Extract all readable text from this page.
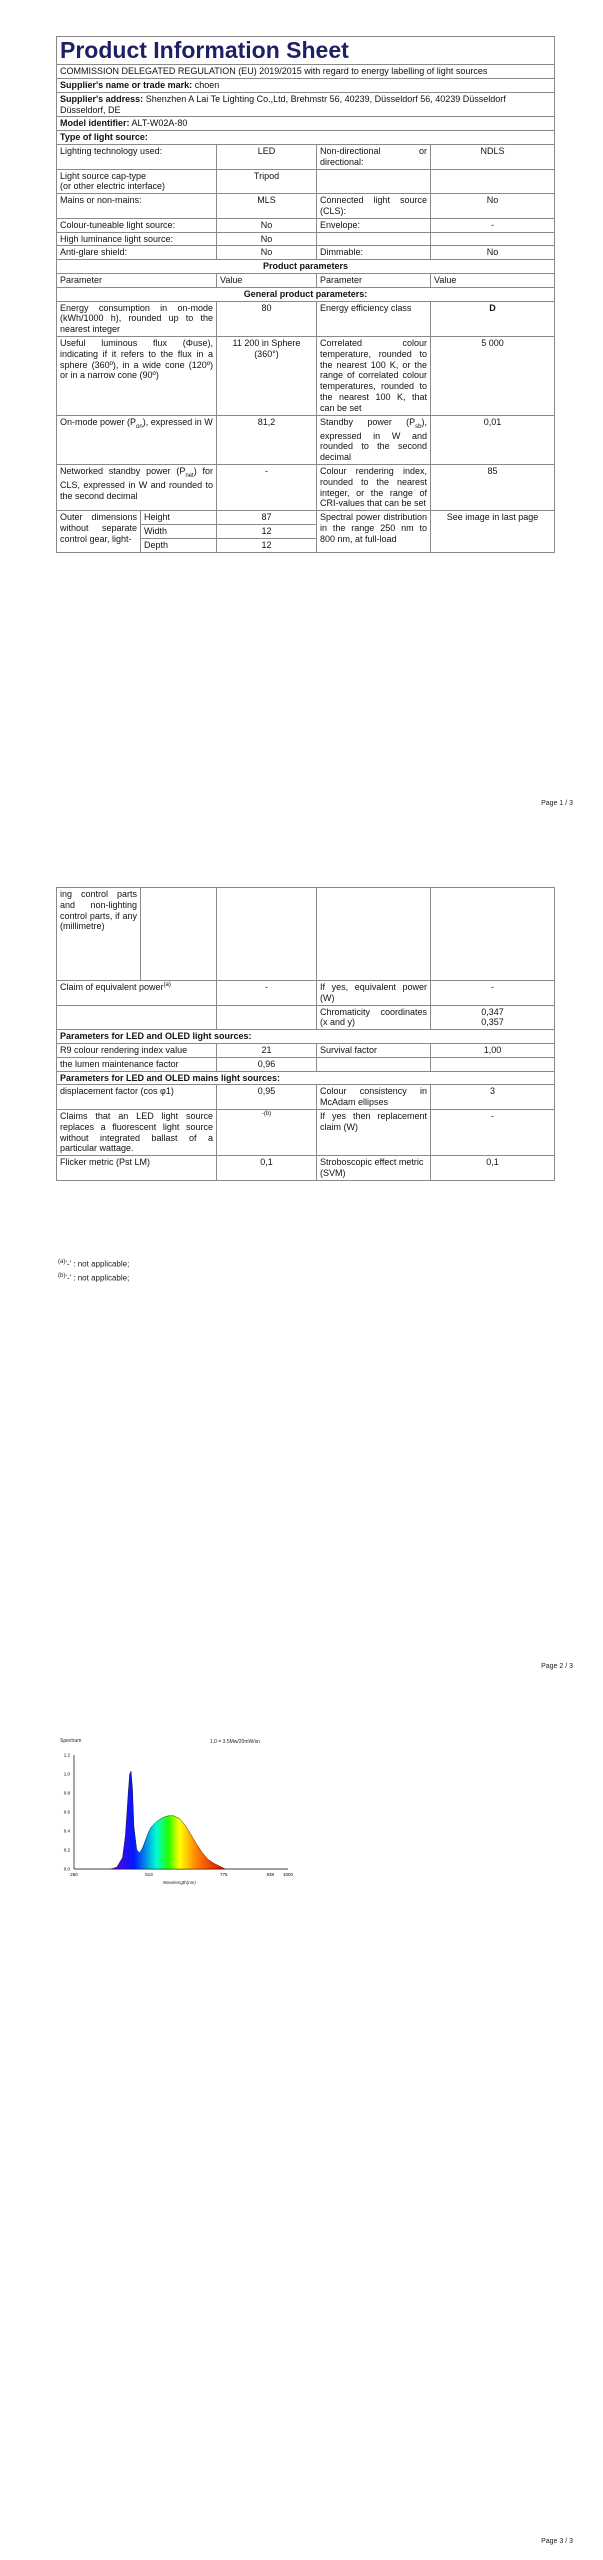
Product Information Sheet				
COMMISSION DELEGATED REGULATION (EU) 2019/2015 with regard to energy labelling of light sources				
Supplier's name or trade mark: choen				
Supplier's address: Shenzhen A Lai Te Lighting Co.,Ltd, Brehmstr 56, 40239, Düsseldorf 56, 40239 Düsseldorf Düsseldorf, DE				
Model identifier: ALT-W02A-80				
Type of light source:				
Lighting technology used:		LED	Non-directional or directional:	NDLS
Light source cap-type
(or other electric interface)		Tripod		
Mains or non-mains:		MLS	Connected light source (CLS):	No
Colour-tuneable light source:		No	Envelope:	-
High luminance light source:		No		
Anti-glare shield:		No	Dimmable:	No
Product parameters				
Parameter		Value	Parameter	Value
General product parameters:				
Energy consumption in on-mode (kWh/1000 h), rounded up to the nearest integer		80	Energy efficiency class	D
Useful luminous flux (Φuse), indicating if it refers to the flux in a sphere (360º), in a wide cone (120º) or in a narrow cone (90º)		11 200 in Sphere (360°)	Correlated colour temperature, rounded to the nearest 100 K, or the range of correlated colour temperatures, rounded to the nearest 100 K, that can be set	5 000
On-mode power $(P_{on})$, expressed in W		81,2	Standby power $(P_{sb})$, expressed in W and rounded to the second decimal	0,01
Networked standby power $(P_{net})$ for CLS, expressed in W and rounded to the second decimal		-	Colour rendering index, rounded to the nearest integer, or the range of CRI-values that can be set	85
Outer dimensions without separate control gear, light-	Height	87	Spectral power distribution in the range 250 nm to 800 nm, at full-load	See image in last page
	Width	12		
	Depth	12		
Page 1 / 3
ing control parts and non-lighting control parts, if any (millimetre)				
Claim of equivalent power$^{(a)}$		-	If yes, equivalent power (W)	-
			Chromaticity coordinates (x and y)	0,347
0,357
Parameters for LED and OLED light sources:				
R9 colour rendering index value		21	Survival factor	1,00
the lumen maintenance factor		0,96		
Parameters for LED and OLED mains light sources:				
displacement factor (cos φ1)		0,95	Colour consistency in McAdam ellipses	3
Claims that an LED light source replaces a fluorescent light source without integrated ballast of a particular wattage.		$^{-(b)}$	If yes then replacement claim (W)	-
Flicker metric (Pst LM)		0,1	Stroboscopic effect metric (SVM)	0,1
$^{(a)}$'-' : not applicable;
$^{(b)}$'-' : not applicable;
Page 2 / 3
1.0 = 3.5Mw/20mW/sn
Spectrum
Wavelength(nm)
0.0
0.2
0.4
0.6
0.8
1.0
1.2
250	513	775	938 1000
Page 3 / 3
